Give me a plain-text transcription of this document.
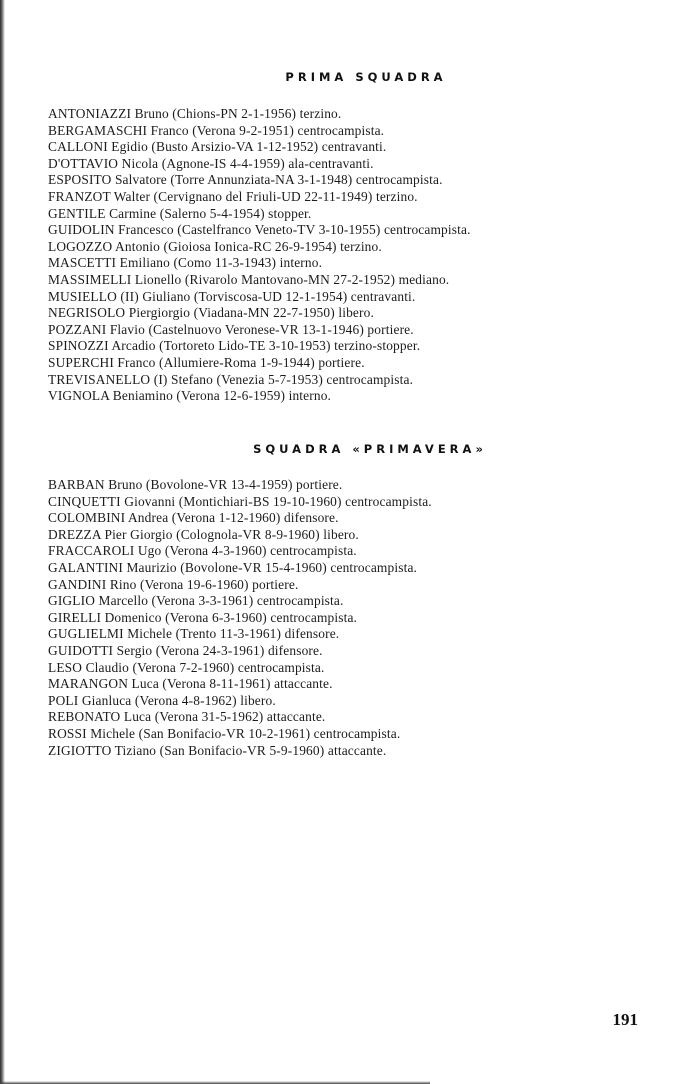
PRIMA SQUADRA
ANTONIAZZI Bruno (Chions-PN 2-1-1956) terzino.
BERGAMASCHI Franco (Verona 9-2-1951) centrocampista.
CALLONI Egidio (Busto Arsizio-VA 1-12-1952) centravanti.
D'OTTAVIO Nicola (Agnone-IS 4-4-1959) ala-centravanti.
ESPOSITO Salvatore (Torre Annunziata-NA 3-1-1948) centrocampista.
FRANZOT Walter (Cervignano del Friuli-UD 22-11-1949) terzino.
GENTILE Carmine (Salerno 5-4-1954) stopper.
GUIDOLIN Francesco (Castelfranco Veneto-TV 3-10-1955) centrocampista.
LOGOZZO Antonio (Gioiosa Ionica-RC 26-9-1954) terzino.
MASCETTI Emiliano (Como 11-3-1943) interno.
MASSIMELLI Lionello (Rivarolo Mantovano-MN 27-2-1952) mediano.
MUSIELLO (II) Giuliano (Torviscosa-UD 12-1-1954) centravanti.
NEGRISOLO Piergiorgio (Viadana-MN 22-7-1950) libero.
POZZANI Flavio (Castelnuovo Veronese-VR 13-1-1946) portiere.
SPINOZZI Arcadio (Tortoreto Lido-TE 3-10-1953) terzino-stopper.
SUPERCHI Franco (Allumiere-Roma 1-9-1944) portiere.
TREVISANELLO (I) Stefano (Venezia 5-7-1953) centrocampista.
VIGNOLA Beniamino (Verona 12-6-1959) interno.
SQUADRA «PRIMAVERA»
BARBAN Bruno (Bovolone-VR 13-4-1959) portiere.
CINQUETTI Giovanni (Montichiari-BS 19-10-1960) centrocampista.
COLOMBINI Andrea (Verona 1-12-1960) difensore.
DREZZA Pier Giorgio (Colognola-VR 8-9-1960) libero.
FRACCAROLI Ugo (Verona 4-3-1960) centrocampista.
GALANTINI Maurizio (Bovolone-VR 15-4-1960) centrocampista.
GANDINI Rino (Verona 19-6-1960) portiere.
GIGLIO Marcello (Verona 3-3-1961) centrocampista.
GIRELLI Domenico (Verona 6-3-1960) centrocampista.
GUGLIELMI Michele (Trento 11-3-1961) difensore.
GUIDOTTI Sergio (Verona 24-3-1961) difensore.
LESO Claudio (Verona 7-2-1960) centrocampista.
MARANGON Luca (Verona 8-11-1961) attaccante.
POLI Gianluca (Verona 4-8-1962) libero.
REBONATO Luca (Verona 31-5-1962) attaccante.
ROSSI Michele (San Bonifacio-VR 10-2-1961) centrocampista.
ZIGIOTTO Tiziano (San Bonifacio-VR 5-9-1960) attaccante.
191
